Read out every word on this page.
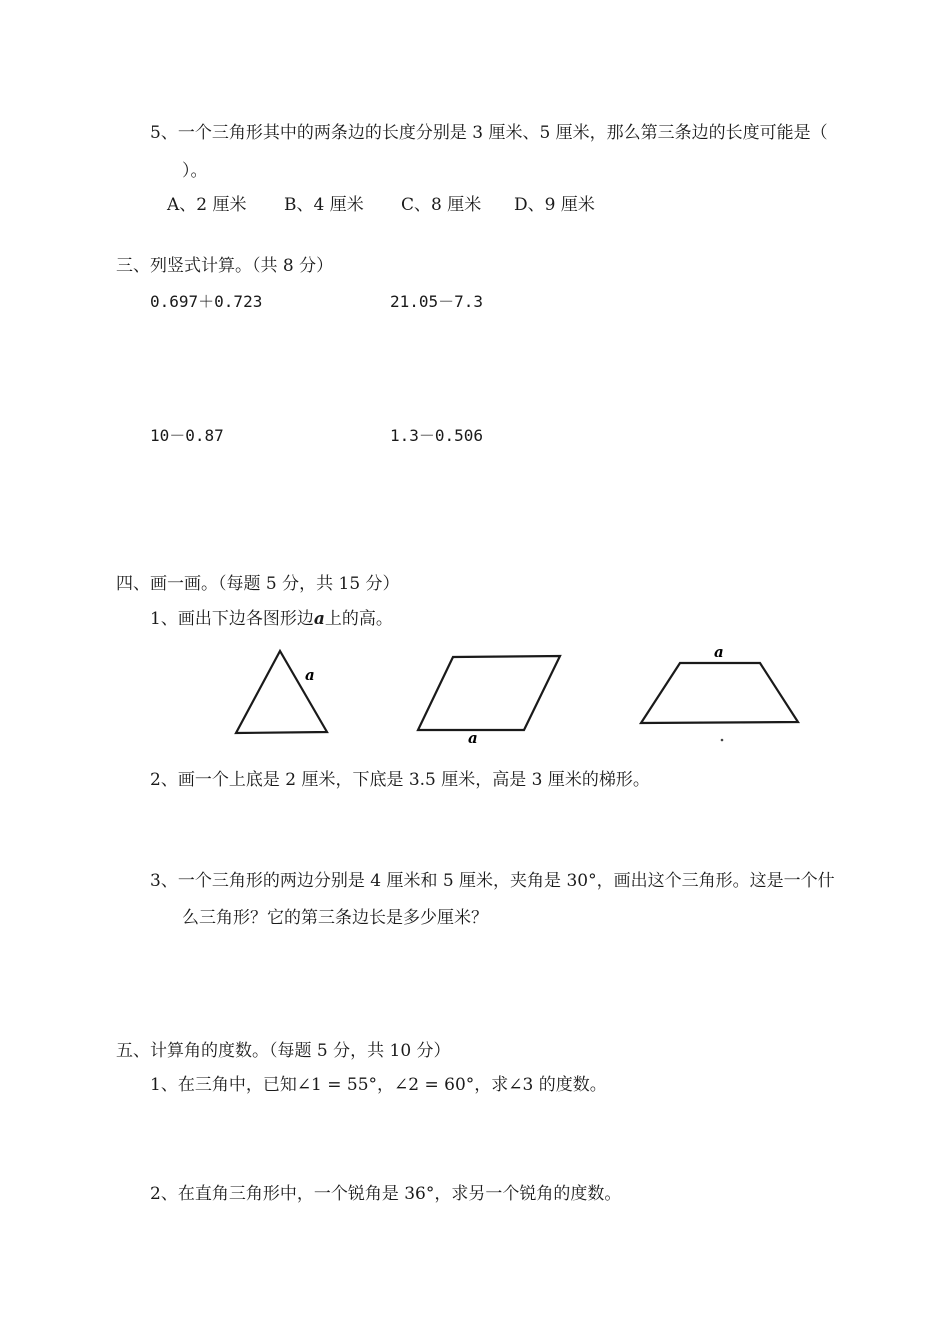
5、一个三角形其中的两条边的长度分别是 3 厘米、5 厘米，那么第三条边的长度可能是（
）。
A、2 厘米 B、4 厘米 C、8 厘米 D、9 厘米
三、列竖式计算。（共 8 分）
0.697＋0.723	21.05－7.3
10－0.87	1.3－0.506
四、画一画。（每题 5 分，共 15 分）
1、画出下边各图形边a上的高。
a
a
a
2、画一个上底是 2 厘米，下底是 3.5 厘米，高是 3 厘米的梯形。
3、一个三角形的两边分别是 4 厘米和 5 厘米，夹角是 30°，画出这个三角形。这是一个什
么三角形？它的第三条边长是多少厘米？
五、计算角的度数。（每题 5 分，共 10 分）
1、在三角中，已知∠1 = 55°，∠2 = 60°，求∠3 的度数。
2、在直角三角形中，一个锐角是 36°，求另一个锐角的度数。
